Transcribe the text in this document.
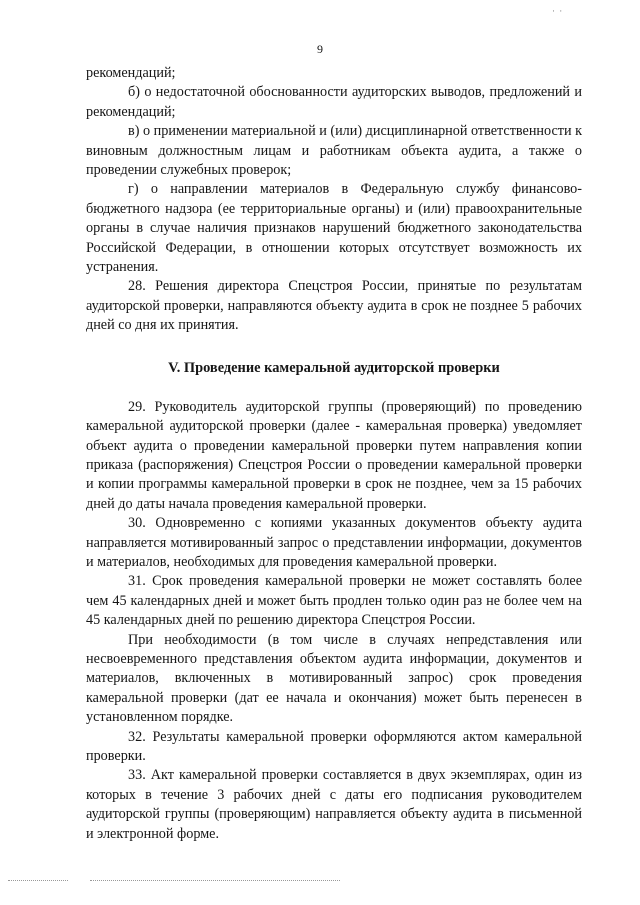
· ·
9

рекомендаций;

б) о недостаточной обоснованности аудиторских выводов, предложений и рекомендаций;

в) о применении материальной и (или) дисциплинарной ответственности к виновным должностным лицам и работникам объекта аудита, а также о проведении служебных проверок;

г) о направлении материалов в Федеральную службу финансово-бюджетного надзора (ее территориальные органы) и (или) правоохранительные органы в случае наличия признаков нарушений бюджетного законодательства Российской Федерации, в отношении которых отсутствует возможность их устранения.

28. Решения директора Спецстроя России, принятые по результатам аудиторской проверки, направляются объекту аудита в срок не позднее 5 рабочих дней со дня их принятия.

V. Проведение камеральной аудиторской проверки

29. Руководитель аудиторской группы (проверяющий) по проведению камеральной аудиторской проверки (далее - камеральная проверка) уведомляет объект аудита о проведении камеральной проверки путем направления копии приказа (распоряжения) Спецстроя России о проведении камеральной проверки и копии программы камеральной проверки в срок не позднее, чем за 15 рабочих дней до даты начала проведения камеральной проверки.

30. Одновременно с копиями указанных документов объекту аудита направляется мотивированный запрос о представлении информации, документов и материалов, необходимых для проведения камеральной проверки.

31. Срок проведения камеральной проверки не может составлять более чем 45 календарных дней и может быть продлен только один раз не более чем на 45 календарных дней по решению директора Спецстроя России.

При необходимости (в том числе в случаях непредставления или несвоевременного представления объектом аудита информации, документов и материалов, включенных в мотивированный запрос) срок проведения камеральной проверки (дат ее начала и окончания) может быть перенесен в установленном порядке.

32. Результаты камеральной проверки оформляются актом камеральной проверки.

33. Акт камеральной проверки составляется в двух экземплярах, один из которых в течение 3 рабочих дней с даты его подписания руководителем аудиторской группы (проверяющим) направляется объекту аудита в письменной и электронной форме.
